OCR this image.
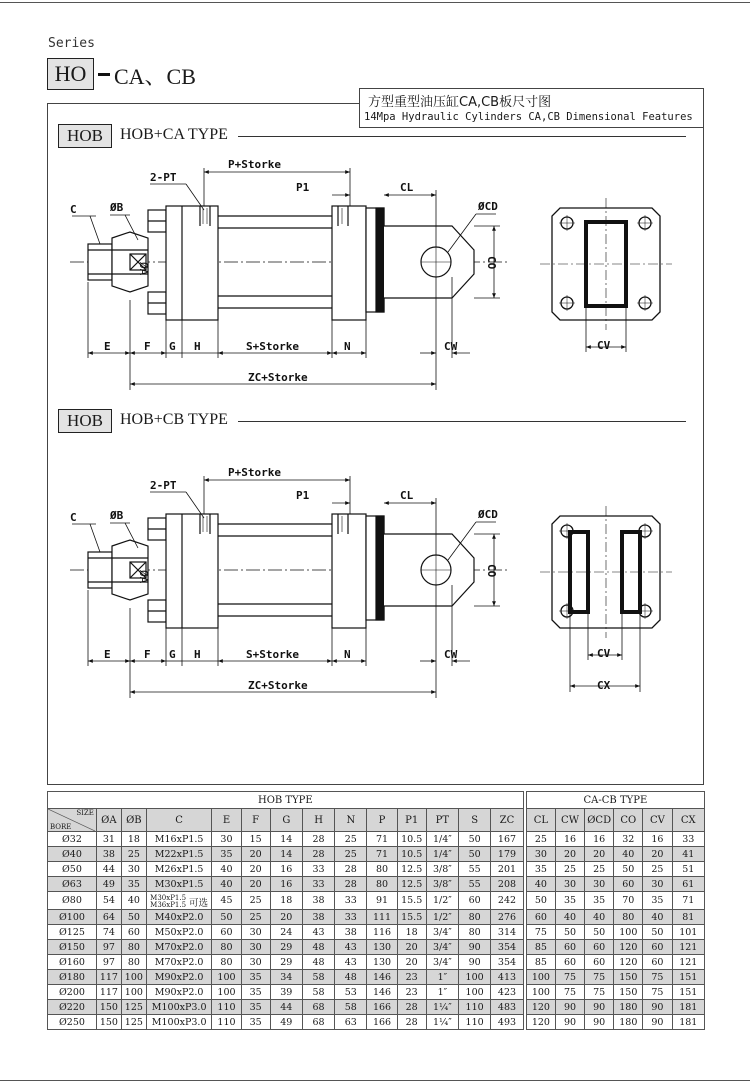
Series
HO	CA、CB
方型重型油压缸CA,CB板尺寸图
14Mpa Hydraulic Cylinders CA,CB Dimensional Features
HOB	HOB+CA TYPE
HOB	HOB+CB TYPE
P+Storke
2-PT
P1	CL
C	ØB
ØA
ØCD
CO
E	F G H	S+Storke	N	CW
ZC+Storke
CV
P+Storke
2-PT
P1	CL
C	ØB
ØA
ØCD
CO
E	F G H	S+Storke	N	CW
ZC+Storke
CV
CX
HOB TYPE															CA-CB TYPE					

SIZE
BORE	ØA	ØB	C	E	F	G	H	N	P	P1	PT	S	ZC		CL	CW	ØCD	CO	CV	CX
Ø32	31	18	M16xP1.5	30	15	14	28	25	71	10.5	1/4″	50	167		25	16	16	32	16	33
Ø40	38	25	M22xP1.5	35	20	14	28	25	71	10.5	1/4″	50	179		30	20	20	40	20	41
Ø50	44	30	M26xP1.5	40	20	16	33	28	80	12.5	3/8″	55	201		35	25	25	50	25	51
Ø63	49	35	M30xP1.5	40	20	16	33	28	80	12.5	3/8″	55	208		40	30	30	60	30	61
Ø80	54	40	M30xP1.5
M36xP1.5 可选	45	25	18	38	33	91	15.5	1/2″	60	242		50	35	35	70	35	71
Ø100	64	50	M40xP2.0	50	25	20	38	33	111	15.5	1/2″	80	276		60	40	40	80	40	81
Ø125	74	60	M50xP2.0	60	30	24	43	38	116	18	3/4″	80	314		75	50	50	100	50	101
Ø150	97	80	M70xP2.0	80	30	29	48	43	130	20	3/4″	90	354		85	60	60	120	60	121
Ø160	97	80	M70xP2.0	80	30	29	48	43	130	20	3/4″	90	354		85	60	60	120	60	121
Ø180	117	100	M90xP2.0	100	35	34	58	48	146	23	1″	100	413		100	75	75	150	75	151
Ø200	117	100	M90xP2.0	100	35	39	58	53	146	23	1″	100	423		100	75	75	150	75	151
Ø220	150	125	M100xP3.0	110	35	44	68	58	166	28	1¼″	110	483		120	90	90	180	90	181
Ø250	150	125	M100xP3.0	110	35	49	68	63	166	28	1¼″	110	493		120	90	90	180	90	181
